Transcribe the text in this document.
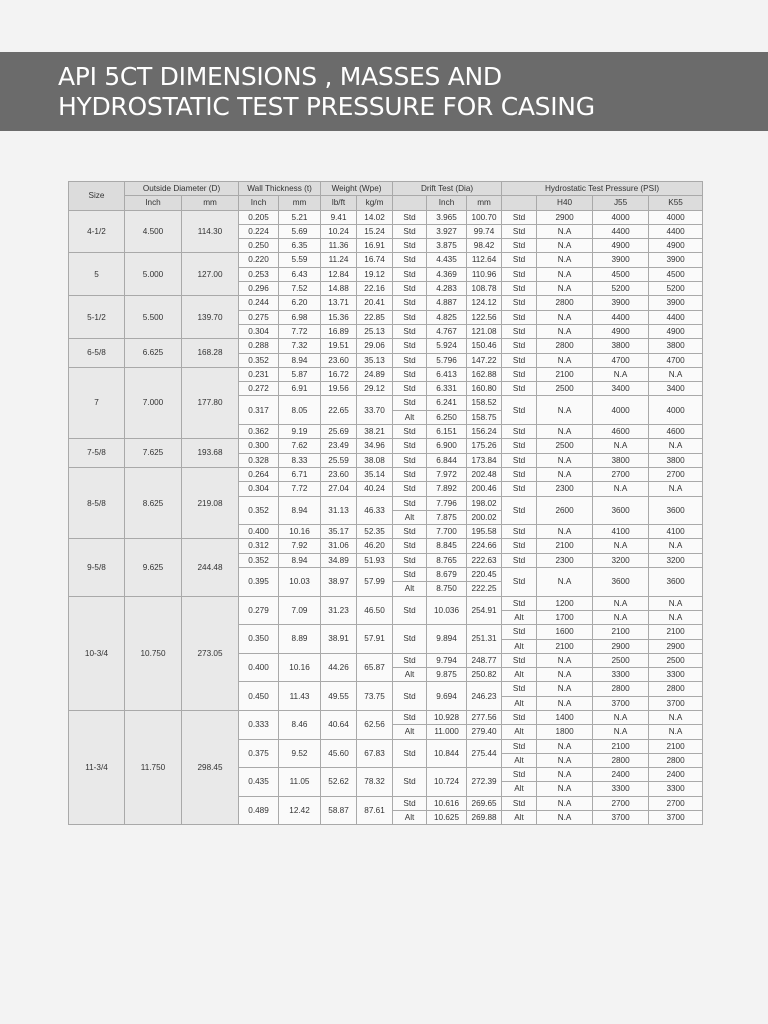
API 5CT DIMENSIONS , MASSES AND
HYDROSTATIC TEST PRESSURE FOR CASING
Size	Outside Diameter (D)		Wall Thickness (t)		Weight (Wpe)		Drift Test (Dia)			Hydrostatic Test Pressure (PSI)			
	Inch	mm	Inch	mm	lb/ft	kg/m		Inch	mm		H40	J55	K55
4-1/2	4.500	114.30	0.205	5.21	9.41	14.02	Std	3.965	100.70	Std	2900	4000	4000
			0.224	5.69	10.24	15.24	Std	3.927	99.74	Std	N.A	4400	4400
			0.250	6.35	11.36	16.91	Std	3.875	98.42	Std	N.A	4900	4900
5	5.000	127.00	0.220	5.59	11.24	16.74	Std	4.435	112.64	Std	N.A	3900	3900
			0.253	6.43	12.84	19.12	Std	4.369	110.96	Std	N.A	4500	4500
			0.296	7.52	14.88	22.16	Std	4.283	108.78	Std	N.A	5200	5200
5-1/2	5.500	139.70	0.244	6.20	13.71	20.41	Std	4.887	124.12	Std	2800	3900	3900
			0.275	6.98	15.36	22.85	Std	4.825	122.56	Std	N.A	4400	4400
			0.304	7.72	16.89	25.13	Std	4.767	121.08	Std	N.A	4900	4900
6-5/8	6.625	168.28	0.288	7.32	19.51	29.06	Std	5.924	150.46	Std	2800	3800	3800
			0.352	8.94	23.60	35.13	Std	5.796	147.22	Std	N.A	4700	4700
7	7.000	177.80	0.231	5.87	16.72	24.89	Std	6.413	162.88	Std	2100	N.A	N.A
			0.272	6.91	19.56	29.12	Std	6.331	160.80	Std	2500	3400	3400
			0.317	8.05	22.65	33.70	Std	6.241	158.52	Std	N.A	4000	4000
							Alt	6.250	158.75				
			0.362	9.19	25.69	38.21	Std	6.151	156.24	Std	N.A	4600	4600
7-5/8	7.625	193.68	0.300	7.62	23.49	34.96	Std	6.900	175.26	Std	2500	N.A	N.A
			0.328	8.33	25.59	38.08	Std	6.844	173.84	Std	N.A	3800	3800
8-5/8	8.625	219.08	0.264	6.71	23.60	35.14	Std	7.972	202.48	Std	N.A	2700	2700
			0.304	7.72	27.04	40.24	Std	7.892	200.46	Std	2300	N.A	N.A
			0.352	8.94	31.13	46.33	Std	7.796	198.02	Std	2600	3600	3600
							Alt	7.875	200.02				
			0.400	10.16	35.17	52.35	Std	7.700	195.58	Std	N.A	4100	4100
9-5/8	9.625	244.48	0.312	7.92	31.06	46.20	Std	8.845	224.66	Std	2100	N.A	N.A
			0.352	8.94	34.89	51.93	Std	8.765	222.63	Std	2300	3200	3200
			0.395	10.03	38.97	57.99	Std	8.679	220.45	Std	N.A	3600	3600
							Alt	8.750	222.25				
10-3/4	10.750	273.05	0.279	7.09	31.23	46.50	Std	10.036	254.91	Std	1200	N.A	N.A
										Alt	1700	N.A	N.A
			0.350	8.89	38.91	57.91	Std	9.894	251.31	Std	1600	2100	2100
										Alt	2100	2900	2900
			0.400	10.16	44.26	65.87	Std	9.794	248.77	Std	N.A	2500	2500
							Alt	9.875	250.82	Alt	N.A	3300	3300
			0.450	11.43	49.55	73.75	Std	9.694	246.23	Std	N.A	2800	2800
										Alt	N.A	3700	3700
11-3/4	11.750	298.45	0.333	8.46	40.64	62.56	Std	10.928	277.56	Std	1400	N.A	N.A
							Alt	11.000	279.40	Alt	1800	N.A	N.A
			0.375	9.52	45.60	67.83	Std	10.844	275.44	Std	N.A	2100	2100
										Alt	N.A	2800	2800
			0.435	11.05	52.62	78.32	Std	10.724	272.39	Std	N.A	2400	2400
										Alt	N.A	3300	3300
			0.489	12.42	58.87	87.61	Std	10.616	269.65	Std	N.A	2700	2700
							Alt	10.625	269.88	Alt	N.A	3700	3700
